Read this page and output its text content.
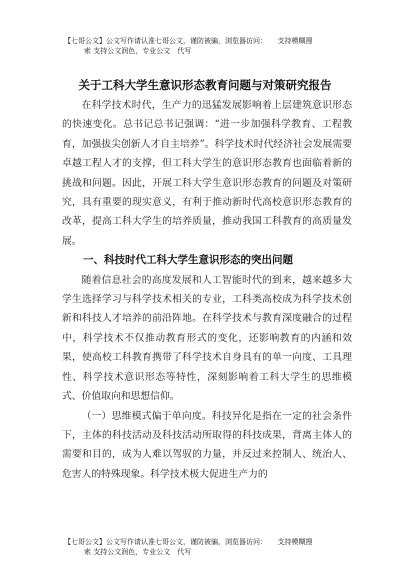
【七哥公文】公文写作请认准七哥公文，谨防被骗，浏览器访问：　　支持模糊搜
索 支持公文润色，专业公文　代写
关于工科大学生意识形态教育问题与对策研究报告

在科学技术时代，生产力的迅猛发展影响着上层建筑意识形态的快速变化。总书记总书记强调：“进一步加强科学教育、工程教育，加强拔尖创新人才自主培养”。科学技术时代经济社会发展需要卓越工程人才的支撑，但工科大学生的意识形态教育也面临着新的挑战和问题。因此，开展工科大学生意识形态教育的问题及对策研究，具有重要的现实意义，有利于推动新时代高校意识形态教育的改革，提高工科大学生的培养质量，推动我国工科教育的高质量发展。

一、科技时代工科大学生意识形态的突出问题

随着信息社会的高度发展和人工智能时代的到来，越来越多大学生选择学习与科学技术相关的专业，工科类高校成为科学技术创新和科技人才培养的前沿阵地。在科学技术与教育深度融合的过程中，科学技术不仅推动教育形式的变化，还影响教育的内涵和效果，使高校工科教育携带了科学技术自身具有的单一向度、工具理性、科学技术意识形态等特性，深刻影响着工科大学生的思维模式、价值取向和思想信仰。

（一）思维模式偏于单向度。科技异化是指在一定的社会条件下，主体的科技活动及科技活动所取得的科技成果，背离主体人的需要和目的，成为人难以驾驭的力量，并反过来控制人、统治人、危害人的特殊现象。科学技术极大促进生产力的

【七哥公文】公文写作请认准七哥公文，谨防被骗，浏览器访问：　　支持模糊搜
索 支持公文润色，专业公文　代写
